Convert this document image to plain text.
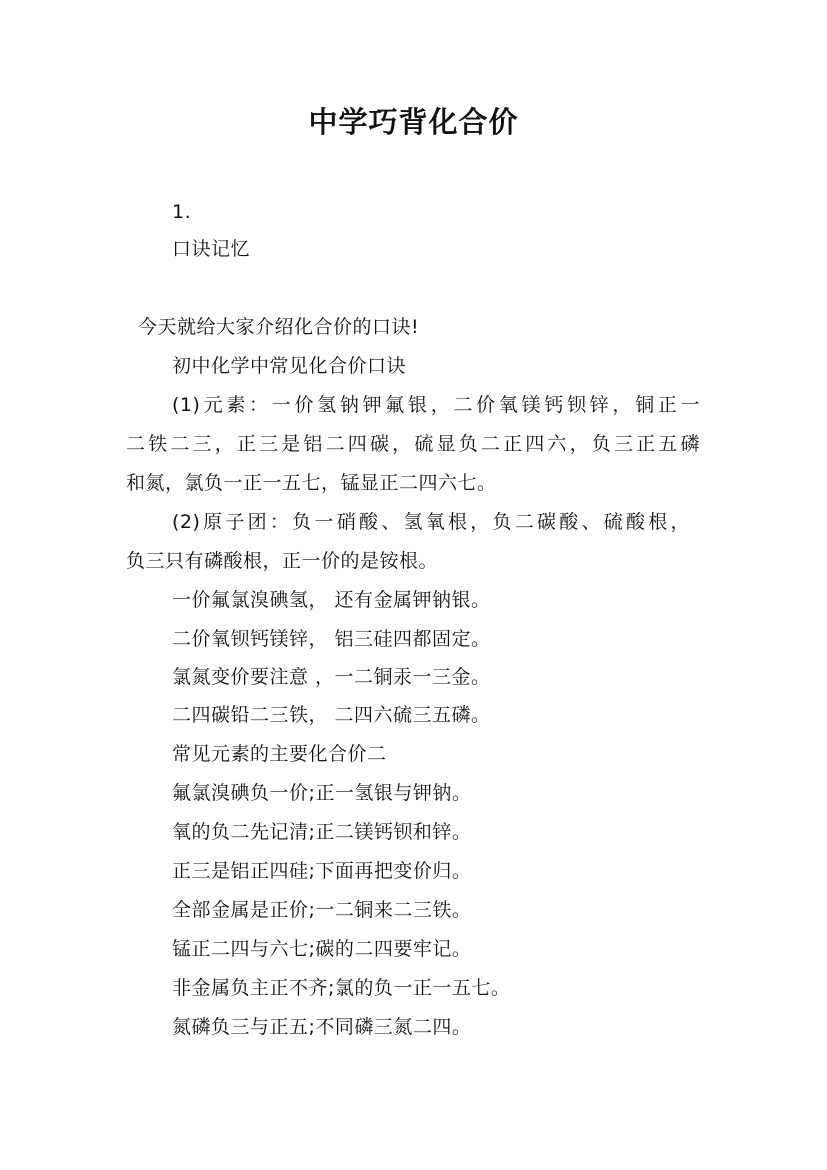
中学巧背化合价
1.
口诀记忆
今天就给大家介绍化合价的口诀!
初中化学中常见化合价口诀
(1)元素：一价氢钠钾氟银，二价氧镁钙钡锌，铜正一
二铁二三，正三是铝二四碳，硫显负二正四六，负三正五磷
和氮，氯负一正一五七，锰显正二四六七。
(2)原子团：负一硝酸、氢氧根，负二碳酸、硫酸根，
负三只有磷酸根，正一价的是铵根。
一价氟氯溴碘氢， 还有金属钾钠银。
二价氧钡钙镁锌， 铝三硅四都固定。
氯氮变价要注意 ，一二铜汞一三金。
二四碳铅二三铁， 二四六硫三五磷。
常见元素的主要化合价二
氟氯溴碘负一价;正一氢银与钾钠。
氧的负二先记清;正二镁钙钡和锌。
正三是铝正四硅;下面再把变价归。
全部金属是正价;一二铜来二三铁。
锰正二四与六七;碳的二四要牢记。
非金属负主正不齐;氯的负一正一五七。
氮磷负三与正五;不同磷三氮二四。
